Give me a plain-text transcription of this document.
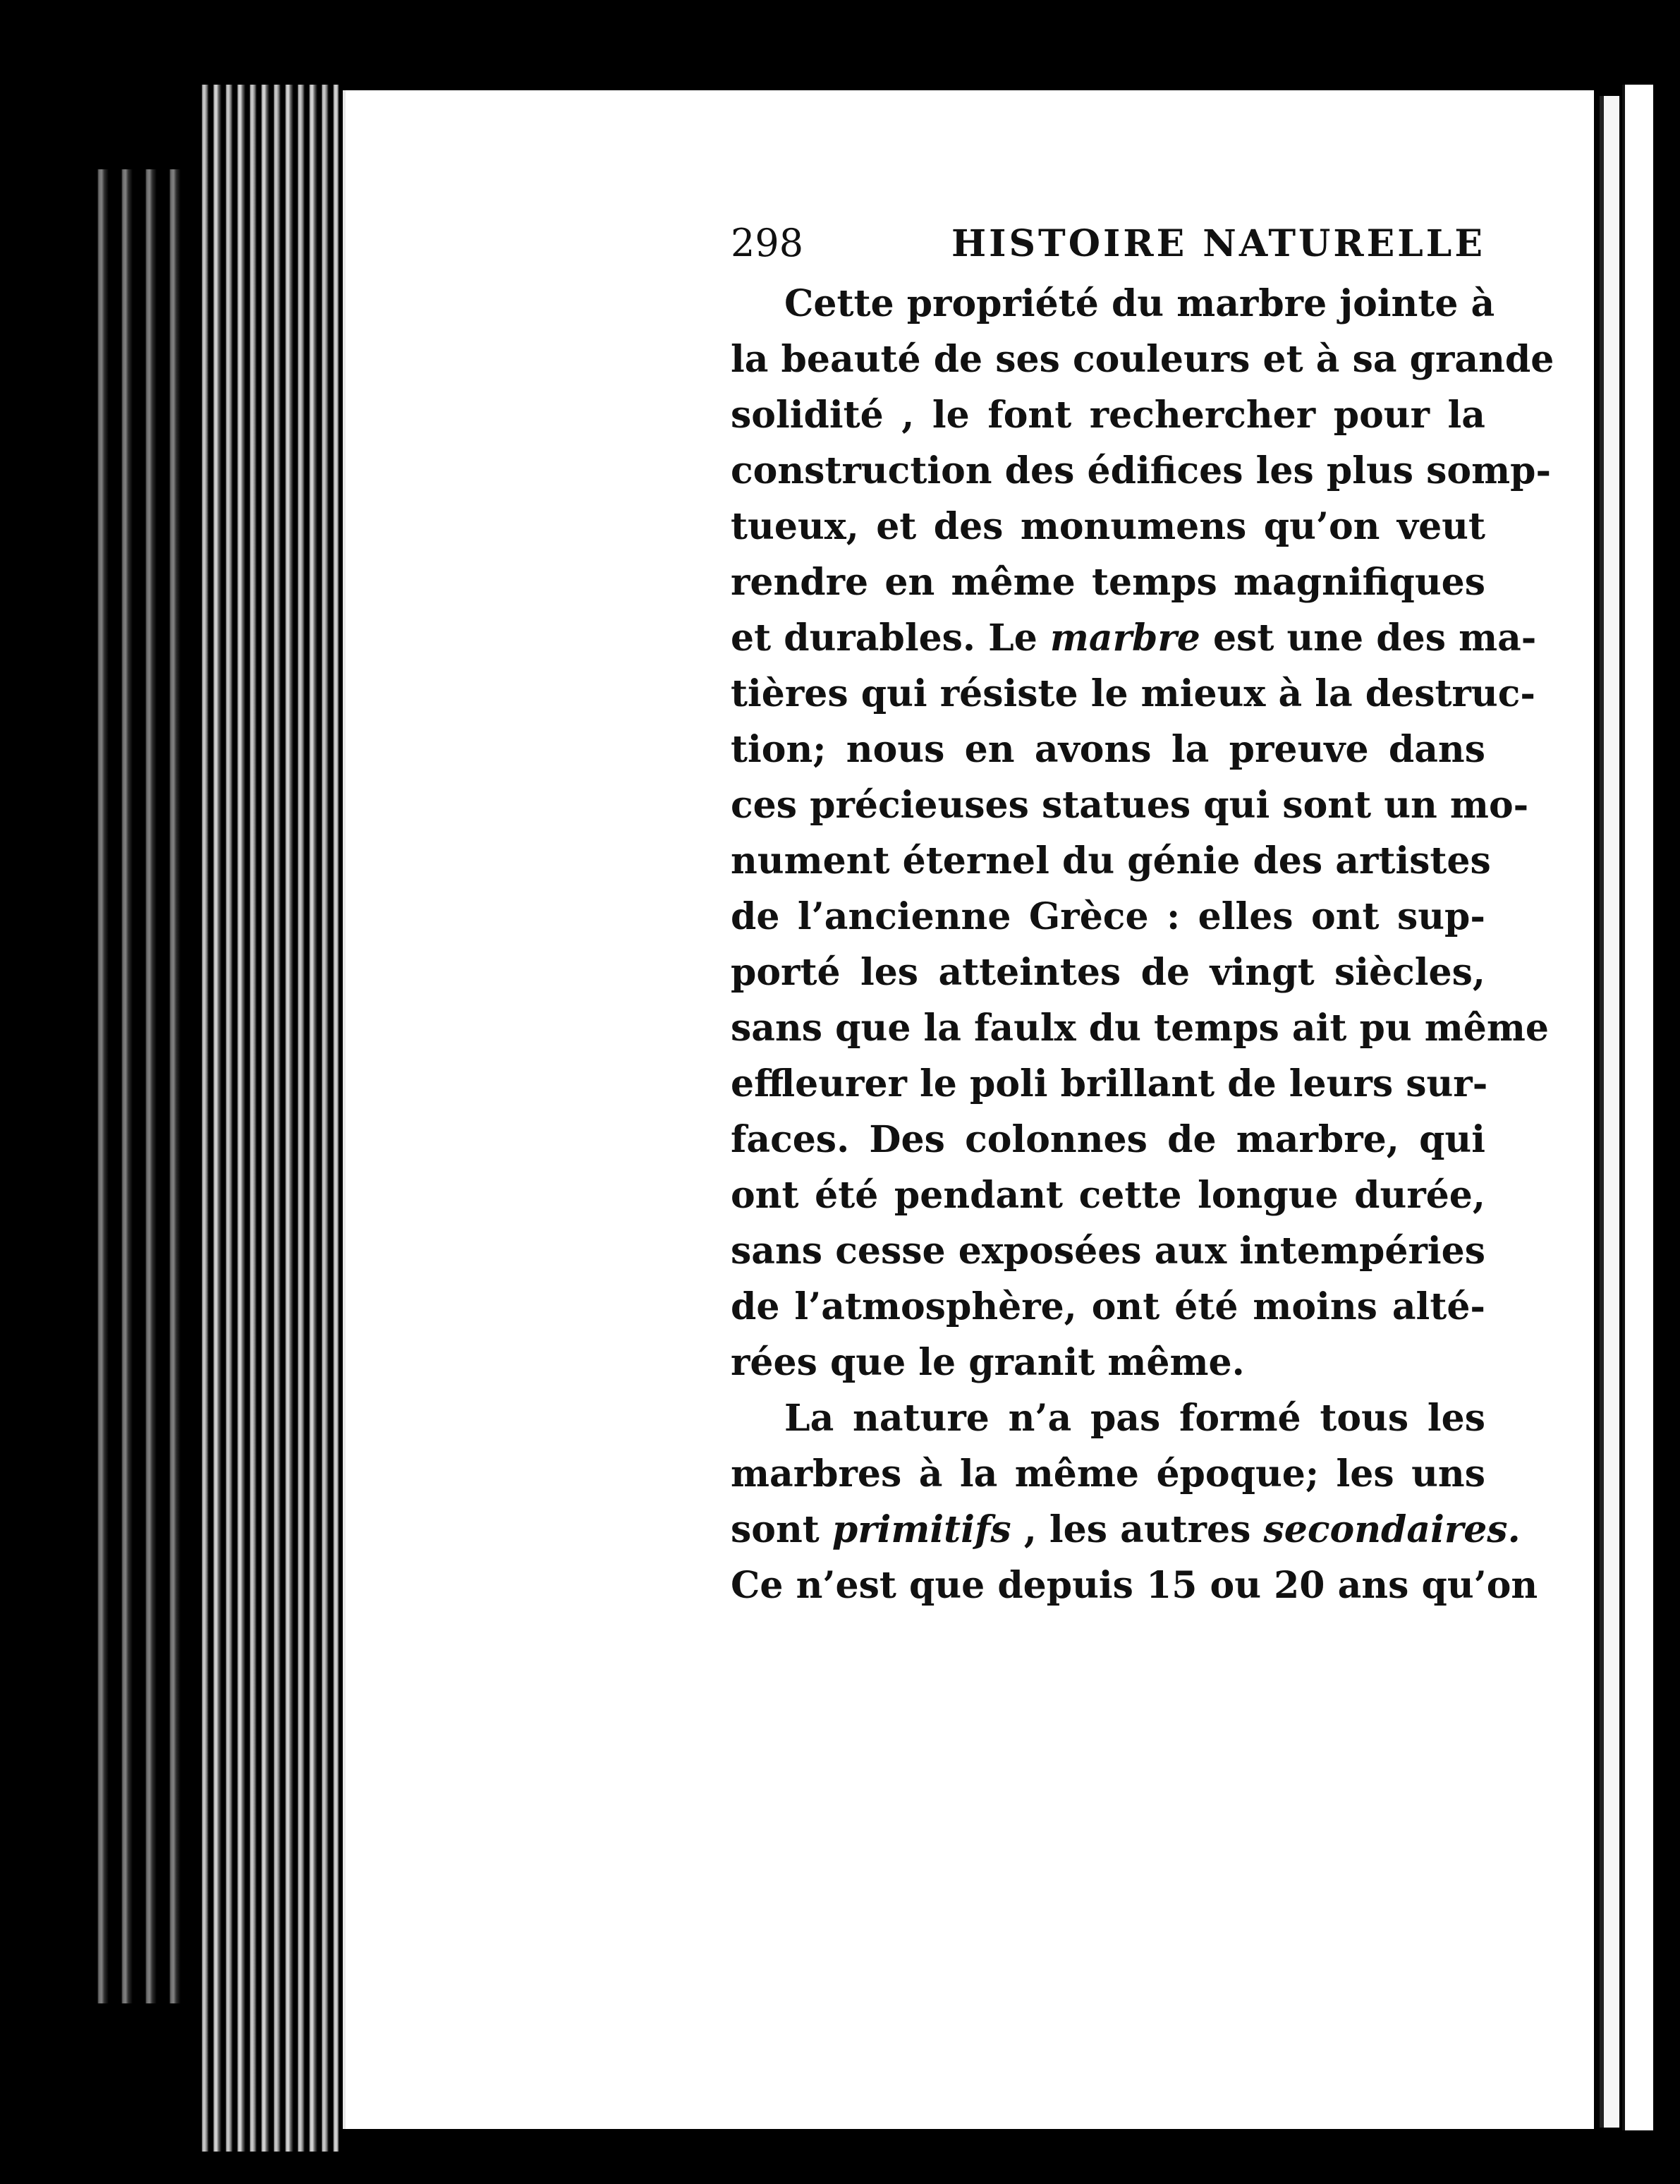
298	HISTOIRE NATURELLE
Cette propriété du marbre jointe à
la beauté de ses couleurs et à sa grande
solidité , le font rechercher pour la
construction des édifices les plus somp-
tueux, et des monumens qu’on veut
rendre en même temps magnifiques
et durables. Le marbre est une des ma-
tières qui résiste le mieux à la destruc-
tion; nous en avons la preuve dans
ces précieuses statues qui sont un mo-
nument éternel du génie des artistes
de l’ancienne Grèce : elles ont sup-
porté les atteintes de vingt siècles,
sans que la faulx du temps ait pu même
effleurer le poli brillant de leurs sur-
faces. Des colonnes de marbre, qui
ont été pendant cette longue durée,
sans cesse exposées aux intempéries
de l’atmosphère, ont été moins alté-
rées que le granit même.
La nature n’a pas formé tous les
marbres à la même époque; les uns
sont primitifs , les autres secondaires.
Ce n’est que depuis 15 ou 20 ans qu’on
